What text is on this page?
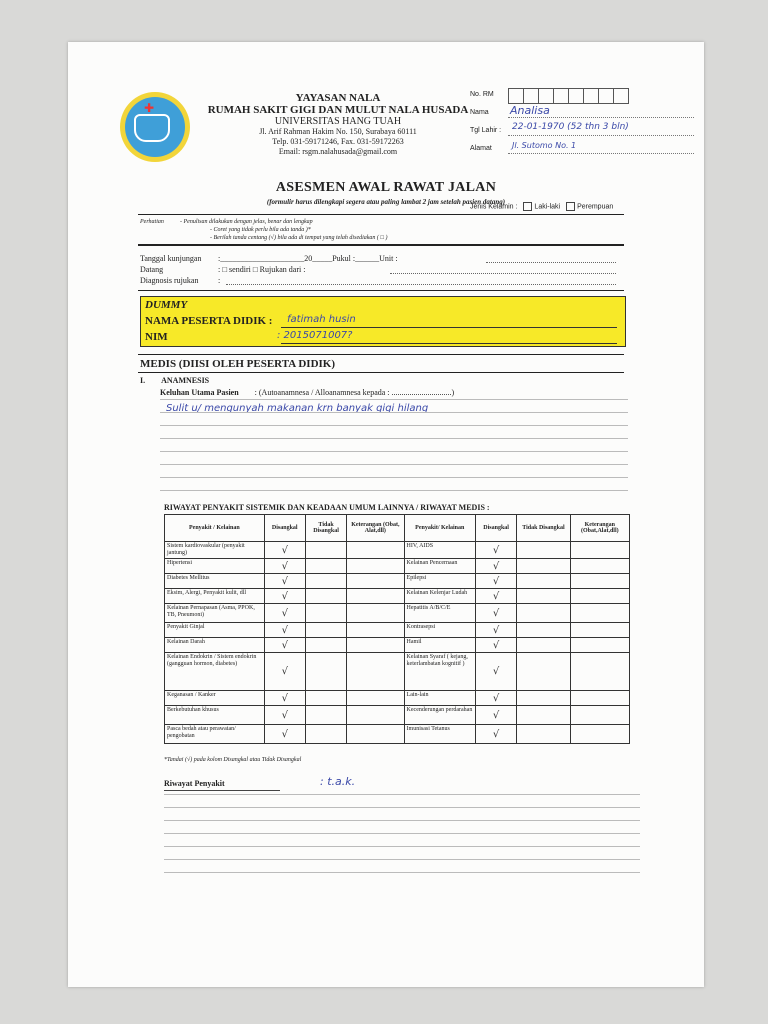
✚
YAYASAN NALA
RUMAH SAKIT GIGI DAN MULUT NALA HUSADA
UNIVERSITAS HANG TUAH
Jl. Arif Rahman Hakim No. 150, Surabaya 60111
Telp. 031-59171246, Fax. 031-59172263
Email: rsgm.nalahusada@gmail.com
No. RM
Nama Analisa
Tgl Lahir : 22-01-1970 (52 thn 3 bln)
Alamat	Jl. Sutomo No. 1
Jenis Kelamin : Laki-laki Perempuan
ASESMEN AWAL RAWAT JALAN
(formulir harus dilengkapi segera atau paling lambat 2 jam setelah pasien datang)
Perhatian	- Penulisan dilakukan dengan jelas, benar dan lengkap
- Coret yang tidak perlu bila ada tanda )*
- Berilah tanda centang (√) bila ada di tempat yang telah disediakan ( □ )
Tanggal kunjungan :_____________________20_____Pukul :______Unit :
Datang	: □ sendiri □ Rujukan dari :
Diagnosis rujukan :
DUMMY
NAMA PESERTA DIDIK : fatimah husin
NIM	: 2015071007?
MEDIS (DIISI OLEH PESERTA DIDIK)
I. ANAMNESIS
Keluhan Utama Pasien : (Autoanamnesa / Alloanamnesa kepada : ..............................)
Sulit u/ mengunyah makanan krn banyak gigi hilang
RIWAYAT PENYAKIT SISTEMIK DAN KEADAAN UMUM LAINNYA / RIWAYAT MEDIS :
Penyakit / Kelainan	Disangkal	Tidak Disangkal	Keterangan (Obat, Alat,dll)	Penyakit/ Kelainan	Disangkal	Tidak Disangkal	Keterangan (Obat,Alat,dll)
Sistem kardiovaskular (penyakit jantung)	√			HIV, AIDS	√		
Hipertensi	√			Kelainan Pencernaan	√		
Diabetes Mellitus	√			Epilepsi	√		
Eksim, Alergi, Penyakit kulit, dll	√			Kelainan Kelenjar Ludah	√		
Kelainan Pernapasan (Asma, PPOK, TB, Pneumoni)	√			Hepatitis A/B/C/E	√		
Penyakit Ginjal	√			Kontrasepsi	√		
Kelainan Darah	√			Hamil	√		
Kelainan Endokrin / Sistem endokrin (gangguan hormon, diabetes)	√			Kelainan Syaraf ( kejang, keterlambatan kognitif )	√		
Keganasan / Kanker	√			Lain-lain	√		
Berkebutuhan khusus	√			Kecenderungan perdarahan	√		
Pasca bedah atau perawatan/ pengobatan	√			Imunisasi Tetanus	√		
*Tandai (√) pada kolom Disangkal atau Tidak Disangkal
Riwayat Penyakit	: t.a.k.
